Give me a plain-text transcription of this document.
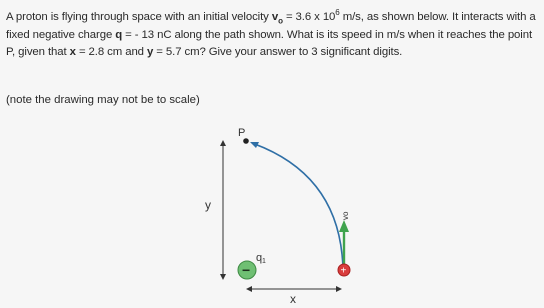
A proton is flying through space with an initial velocity $v_o = 3.6$ x $10^6$ m/s, as shown below. It interacts with a fixed negative charge q = - 13 nC along the path shown. What is its speed in m/s when it reaches the point P, given that x = 2.8 cm and y = 5.7 cm? Give your answer to 3 significant digits.

(note the drawing may not be to scale)

y
x
P
vo
+
−
q 1
